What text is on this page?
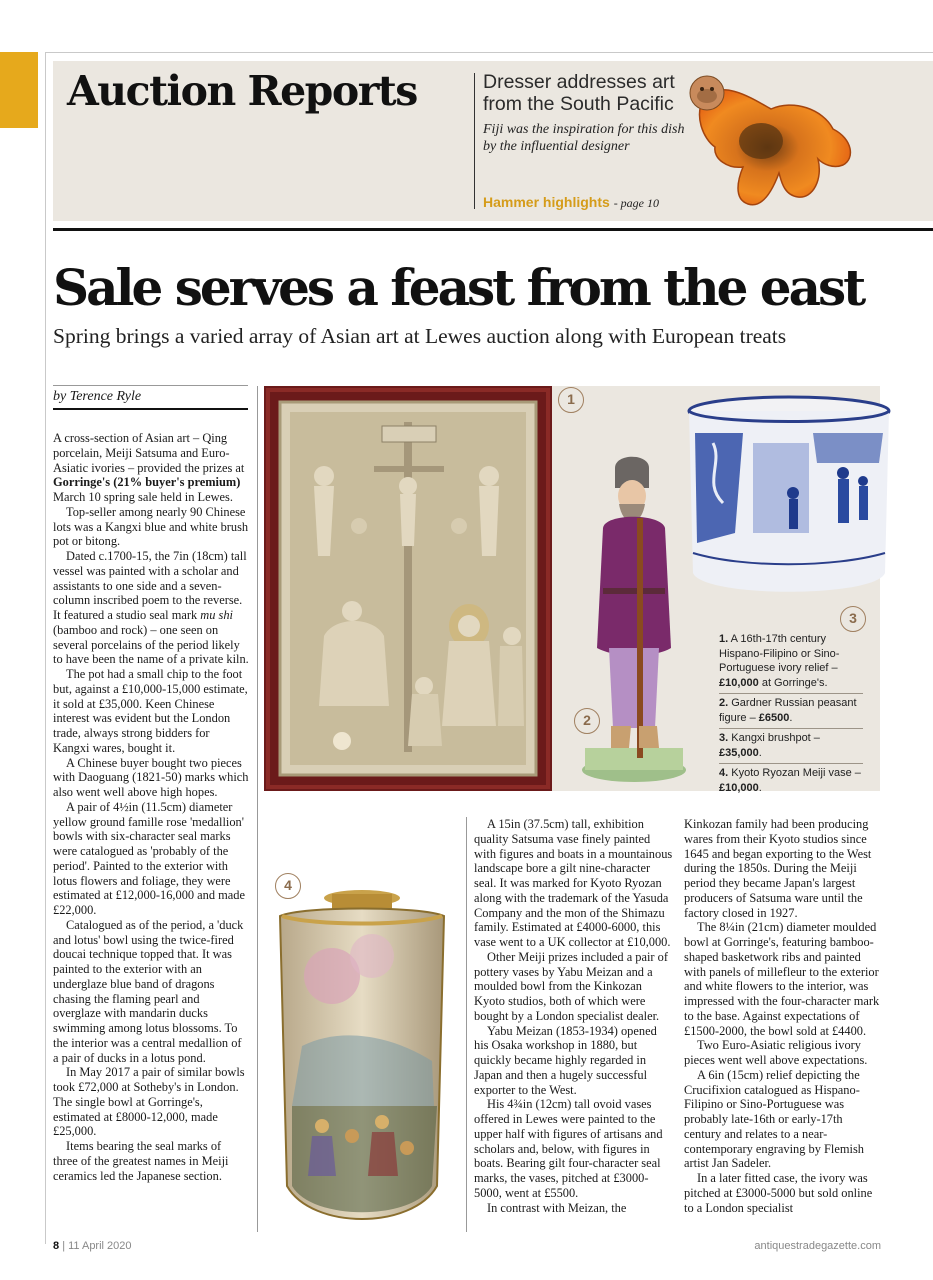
Auction Reports	Dresser addresses art from the South Pacific
Fiji was the inspiration for this dish by the influential designer
Hammer highlights - page 10
Sale serves a feast from the east
Spring brings a varied array of Asian art at Lewes auction along with European treats
by Terence Ryle

A cross-section of Asian art – Qing porcelain, Meiji Satsuma and Euro-Asiatic ivories – provided the prizes at Gorringe's (21% buyer's premium) March 10 spring sale held in Lewes.

Top-seller among nearly 90 Chinese lots was a Kangxi blue and white brush pot or bitong.

Dated c.1700-15, the 7in (18cm) tall vessel was painted with a scholar and assistants to one side and a seven-column inscribed poem to the reverse. It featured a studio seal mark mu shi (bamboo and rock) – one seen on several porcelains of the period likely to have been the name of a private kiln.

The pot had a small chip to the foot but, against a £10,000-15,000 estimate, it sold at £35,000. Keen Chinese interest was evident but the London trade, always strong bidders for Kangxi wares, bought it.

A Chinese buyer bought two pieces with Daoguang (1821-50) marks which also went well above high hopes.

A pair of 4½in (11.5cm) diameter yellow ground famille rose 'medallion' bowls with six-character seal marks were catalogued as 'probably of the period'. Painted to the exterior with lotus flowers and foliage, they were estimated at £12,000-16,000 and made £22,000.

Catalogued as of the period, a 'duck and lotus' bowl using the twice-fired doucai technique topped that. It was painted to the exterior with an underglaze blue band of dragons chasing the flaming pearl and overglaze with mandarin ducks swimming among lotus blossoms. To the interior was a central medallion of a pair of ducks in a lotus pond.

In May 2017 a pair of similar bowls took £72,000 at Sotheby's in London. The single bowl at Gorringe's, estimated at £8000-12,000, made £25,000.

Items bearing the seal marks of three of the greatest names in Meiji ceramics led the Japanese section.

1
2
3
4
1. A 16th-17th century Hispano-Filipino or Sino-Portuguese ivory relief – £10,000 at Gorringe's.
2. Gardner Russian peasant figure – £6500.
3. Kangxi brushpot – £35,000.
4. Kyoto Ryozan Meiji vase – £10,000.

A 15in (37.5cm) tall, exhibition quality Satsuma vase finely painted with figures and boats in a mountainous landscape bore a gilt nine-character seal. It was marked for Kyoto Ryozan along with the trademark of the Yasuda Company and the mon of the Shimazu family. Estimated at £4000-6000, this vase went to a UK collector at £10,000.

Other Meiji prizes included a pair of pottery vases by Yabu Meizan and a moulded bowl from the Kinkozan Kyoto studios, both of which were bought by a London specialist dealer.

Yabu Meizan (1853-1934) opened his Osaka workshop in 1880, but quickly became highly regarded in Japan and then a hugely successful exporter to the West.

His 4¾in (12cm) tall ovoid vases offered in Lewes were painted to the upper half with figures of artisans and scholars and, below, with figures in boats. Bearing gilt four-character seal marks, the vases, pitched at £3000-5000, went at £5500.

In contrast with Meizan, the

Kinkozan family had been producing wares from their Kyoto studios since 1645 and began exporting to the West during the 1850s. During the Meiji period they became Japan's largest producers of Satsuma ware until the factory closed in 1927.

The 8¼in (21cm) diameter moulded bowl at Gorringe's, featuring bamboo-shaped basketwork ribs and painted with panels of millefleur to the exterior and white flowers to the interior, was impressed with the four-character mark to the base. Against expectations of £1500-2000, the bowl sold at £4400.

Two Euro-Asiatic religious ivory pieces went well above expectations.

A 6in (15cm) relief depicting the Crucifixion catalogued as Hispano-Filipino or Sino-Portuguese was probably late-16th or early-17th century and relates to a near-contemporary engraving by Flemish artist Jan Sadeler.

In a later fitted case, the ivory was pitched at £3000-5000 but sold online to a London specialist

8 | 11 April 2020	antiquestradegazette.com
